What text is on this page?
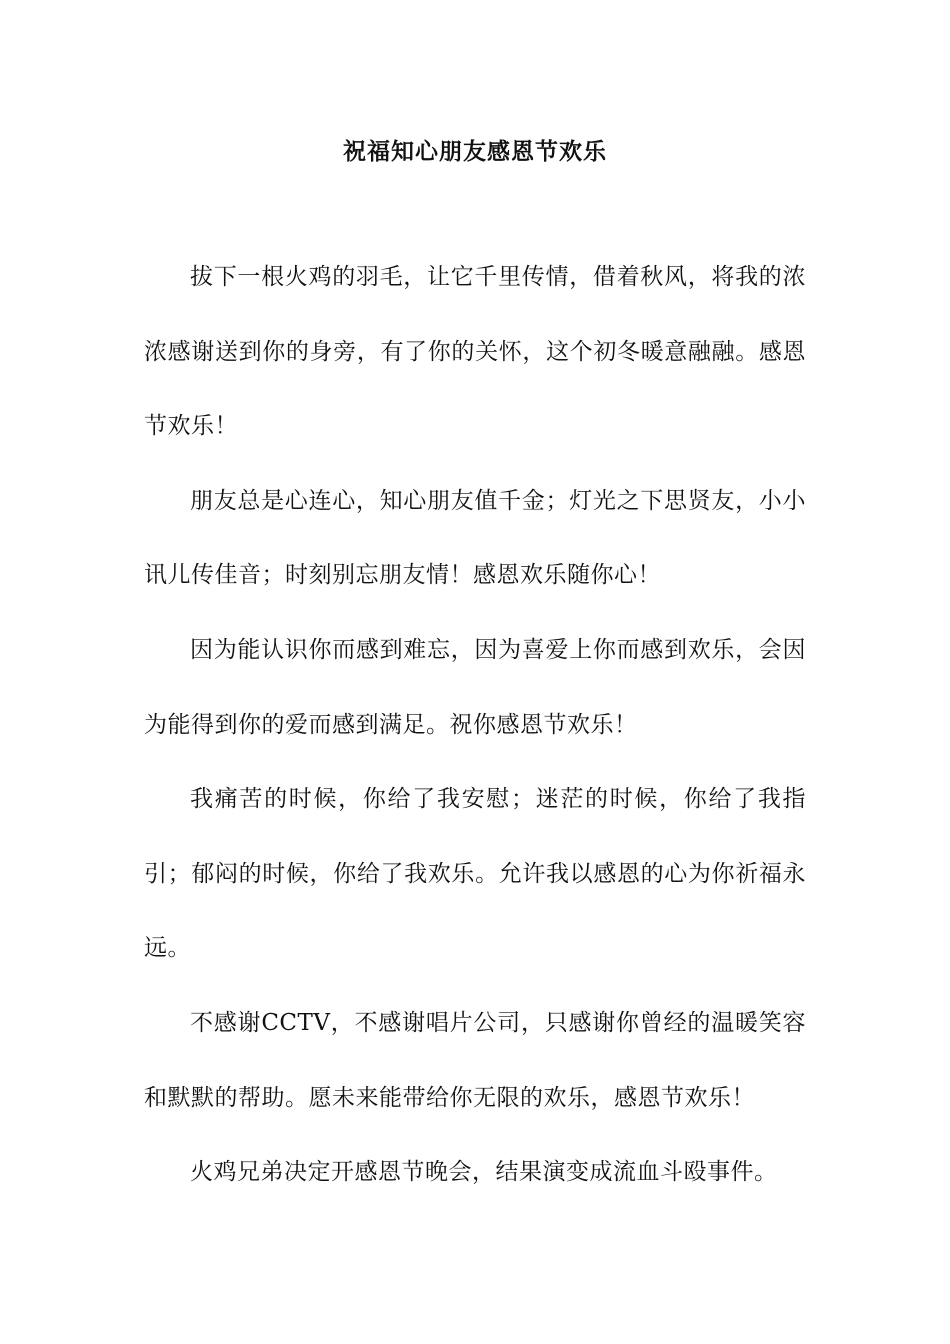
祝福知心朋友感恩节欢乐

拔下一根火鸡的羽毛，让它千里传情，借着秋风，将我的浓浓感谢送到你的身旁，有了你的关怀，这个初冬暖意融融。感恩节欢乐！

朋友总是心连心，知心朋友值千金；灯光之下思贤友，小小讯儿传佳音；时刻别忘朋友情！感恩欢乐随你心！

因为能认识你而感到难忘，因为喜爱上你而感到欢乐，会因为能得到你的爱而感到满足。祝你感恩节欢乐！

我痛苦的时候，你给了我安慰；迷茫的时候，你给了我指引；郁闷的时候，你给了我欢乐。允许我以感恩的心为你祈福永远。

不感谢CCTV，不感谢唱片公司，只感谢你曾经的温暖笑容和默默的帮助。愿未来能带给你无限的欢乐，感恩节欢乐！

火鸡兄弟决定开感恩节晚会，结果演变成流血斗殴事件。
